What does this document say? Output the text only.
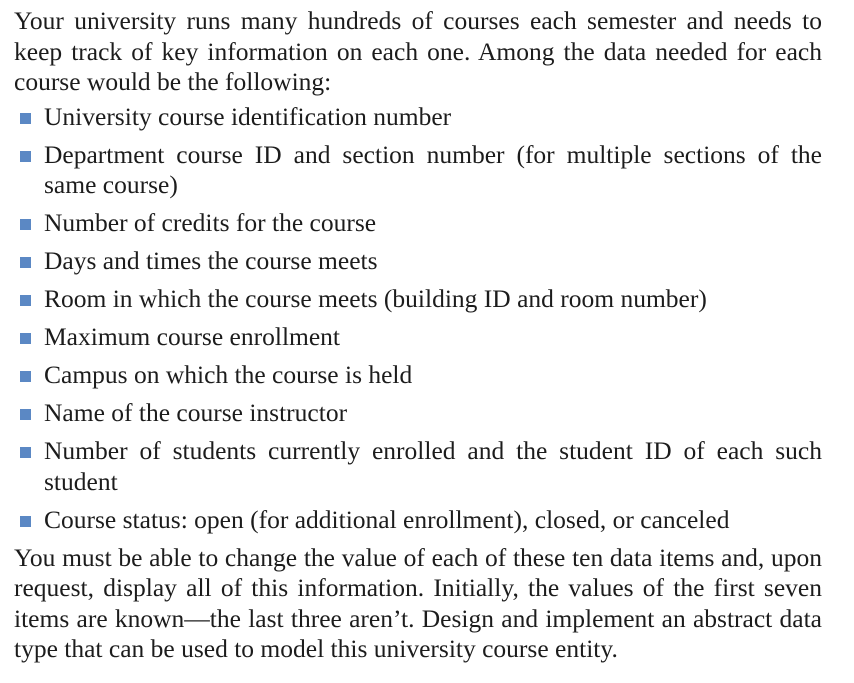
Your university runs many hundreds of courses each semester and needs to keep track of key information on each one. Among the data needed for each course would be the following:

University course identification number
Department course ID and section number (for multiple sections of the same course)
Number of credits for the course
Days and times the course meets
Room in which the course meets (building ID and room number)
Maximum course enrollment
Campus on which the course is held
Name of the course instructor
Number of students currently enrolled and the student ID of each such student
Course status: open (for additional enrollment), closed, or canceled

You must be able to change the value of each of these ten data items and, upon request, display all of this information. Initially, the values of the first seven items are known—the last three aren’t. Design and implement an abstract data type that can be used to model this university course entity.
